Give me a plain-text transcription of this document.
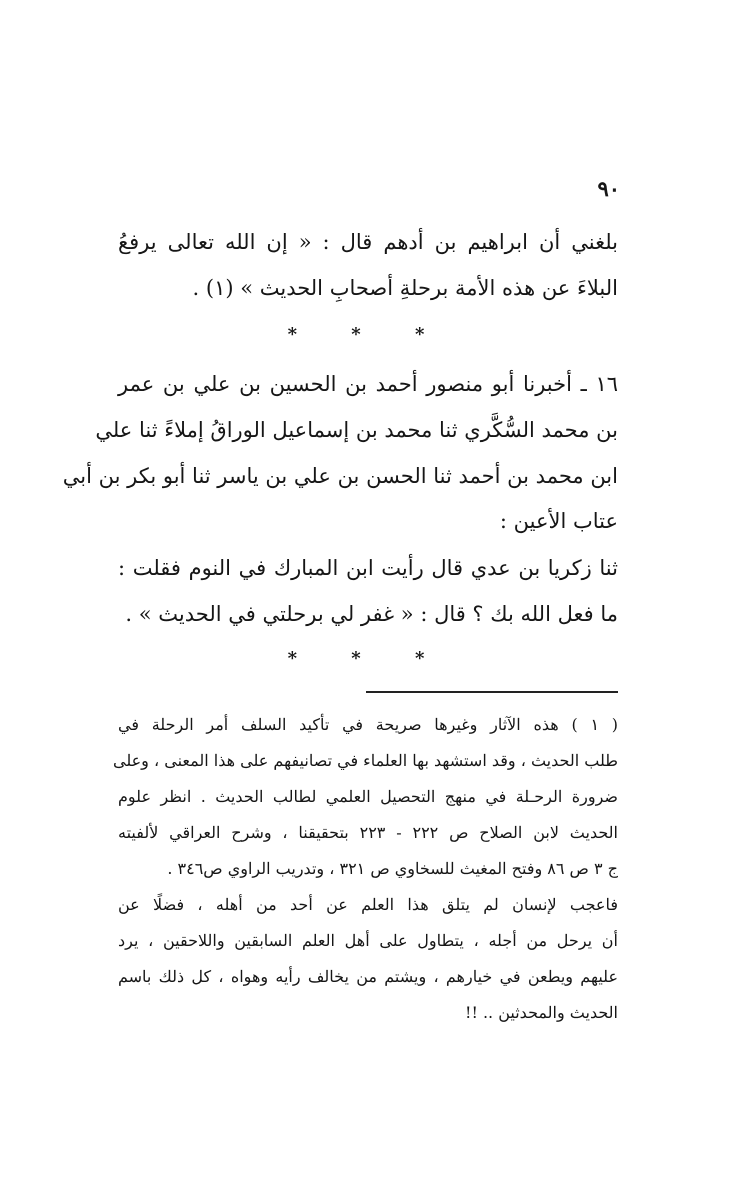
٩٠
بلغني أن ابراهيم بن أدهم قال : « إن الله تعالى يرفعُ
البلاءَ عن هذه الأمة برحلةِ أصحابِ الحديث » (١) .
* * *
١٦ ـ أخبرنا أبو منصور أحمد بن الحسين بن علي بن عمر
بن محمد السُّكَّري ثنا محمد بن إسماعيل الوراقُ إملاءً ثنا علي
ابن محمد بن أحمد ثنا الحسن بن علي بن ياسر ثنا أبو بكر بن أبي
عتاب الأعين :
ثنا زكريا بن عدي قال رأيت ابن المبارك في النوم فقلت :
ما فعل الله بك ؟ قال : « غفر لي برحلتي في الحديث » .
* * *
( ١ ) هذه الآثار وغيرها صريحة في تأكيد السلف أمر الرحلة في
طلب الحديث ، وقد استشهد بها العلماء في تصانيفهم على هذا المعنى ، وعلى
ضرورة الرحـلة في منهج التحصيل العلمي لطالب الحديث . انظر علوم
الحديث لابن الصلاح ص ٢٢٢ - ٢٢٣ بتحقيقنا ، وشرح العراقي لألفيته
ج ٣ ص ٨٦ وفتح المغيث للسخاوي ص ٣٢١ ، وتدريب الراوي ص٣٤٦ .
فاعجب لإنسان لم يتلق هذا العلم عن أحد من أهله ، فضلًا عن
أن يرحل من أجله ، يتطاول على أهل العلم السابقين واللاحقين ، يرد
عليهم ويطعن في خيارهم ، ويشتم من يخالف رأيه وهواه ، كل ذلك باسم
الحديث والمحدثين .. !!
